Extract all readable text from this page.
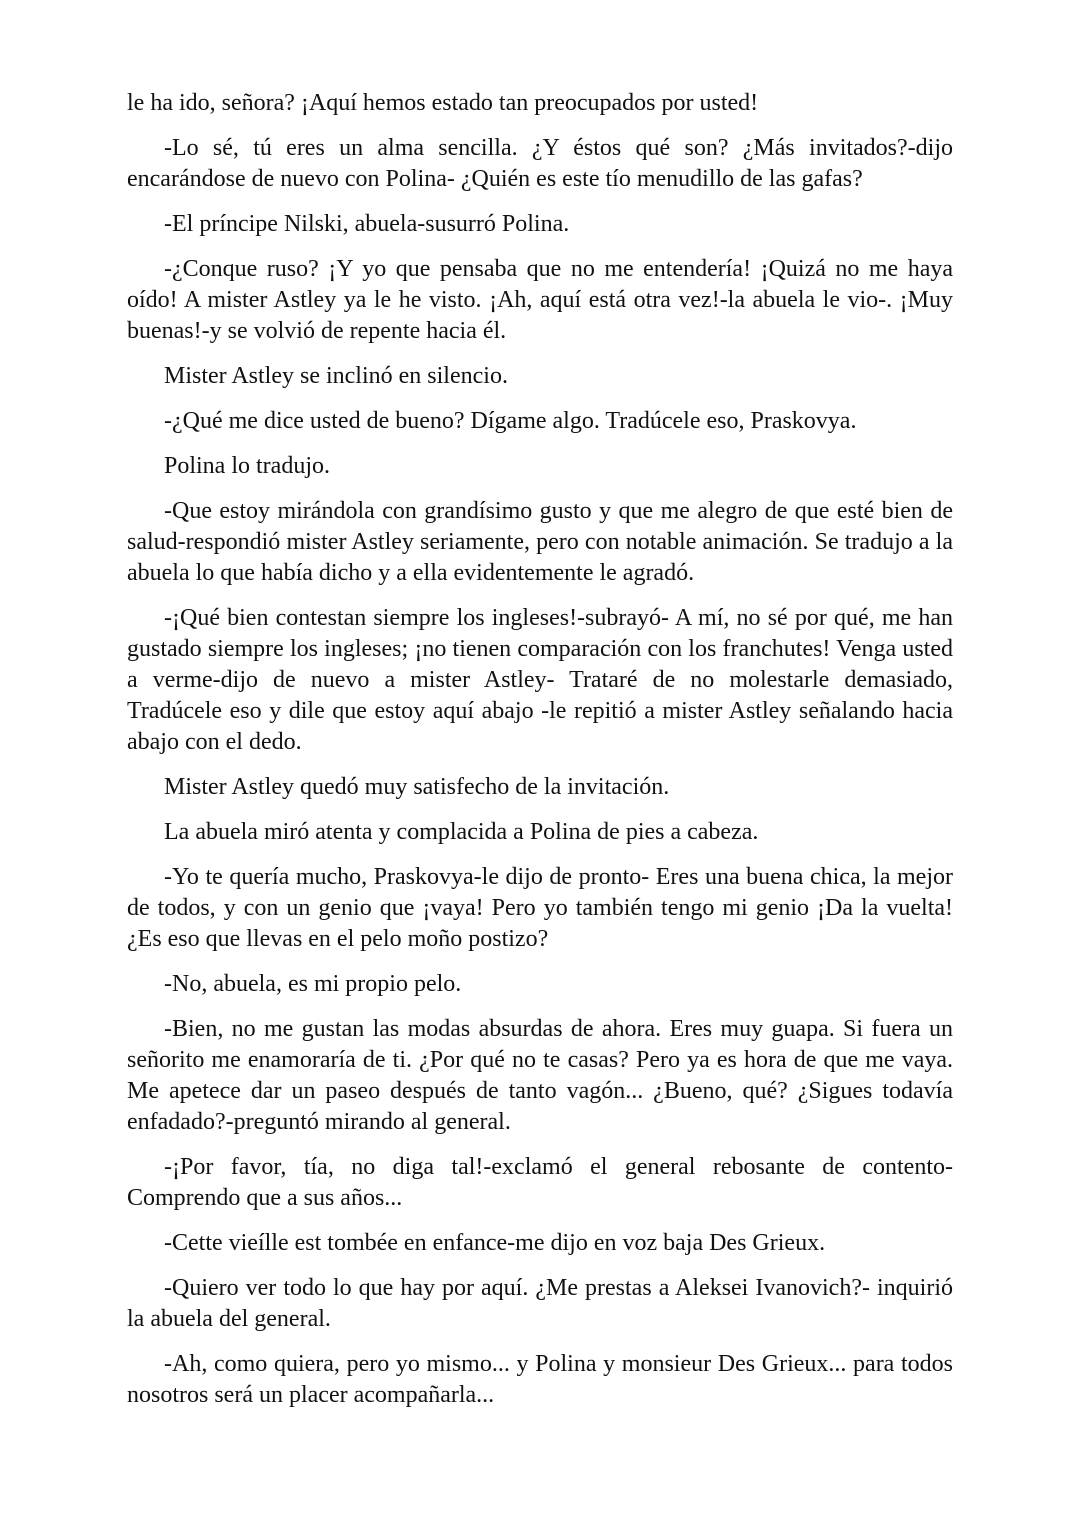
le ha ido, señora? ¡Aquí hemos estado tan preocupados por usted!

-Lo sé, tú eres un alma sencilla. ¿Y éstos qué son? ¿Más invitados?-dijo encarándose de nuevo con Polina- ¿Quién es este tío menudillo de las gafas?

-El príncipe Nilski, abuela-susurró Polina.

-¿Conque ruso? ¡Y yo que pensaba que no me entendería! ¡Quizá no me haya oído! A mister Astley ya le he visto. ¡Ah, aquí está otra vez!-la abuela le vio-. ¡Muy buenas!-y se volvió de repente hacia él.

Mister Astley se inclinó en silencio.

-¿Qué me dice usted de bueno? Dígame algo. Tradúcele eso, Praskovya.

Polina lo tradujo.

-Que estoy mirándola con grandísimo gusto y que me alegro de que esté bien de salud-respondió mister Astley seriamente, pero con notable animación. Se tradujo a la abuela lo que había dicho y a ella evidentemente le agradó.

-¡Qué bien contestan siempre los ingleses!-subrayó- A mí, no sé por qué, me han gustado siempre los ingleses; ¡no tienen comparación con los franchutes! Venga usted a verme-dijo de nuevo a mister Astley- Trataré de no molestarle demasiado, Tradúcele eso y dile que estoy aquí abajo -le repitió a mister Astley señalando hacia abajo con el dedo.

Mister Astley quedó muy satisfecho de la invitación.

La abuela miró atenta y complacida a Polina de pies a cabeza.

-Yo te quería mucho, Praskovya-le dijo de pronto- Eres una buena chica, la mejor de todos, y con un genio que ¡vaya! Pero yo también tengo mi genio ¡Da la vuelta! ¿Es eso que llevas en el pelo moño postizo?

-No, abuela, es mi propio pelo.

-Bien, no me gustan las modas absurdas de ahora. Eres muy guapa. Si fuera un señorito me enamoraría de ti. ¿Por qué no te casas? Pero ya es hora de que me vaya. Me apetece dar un paseo después de tanto vagón... ¿Bueno, qué? ¿Sigues todavía enfadado?-preguntó mirando al general.

-¡Por favor, tía, no diga tal!-exclamó el general rebosante de contento- Comprendo que a sus años...

-Cette vieílle est tombée en enfance-me dijo en voz baja Des Grieux.

-Quiero ver todo lo que hay por aquí. ¿Me prestas a Aleksei Ivanovich?- inquirió la abuela del general.

-Ah, como quiera, pero yo mismo... y Polina y monsieur Des Grieux... para todos nosotros será un placer acompañarla...
